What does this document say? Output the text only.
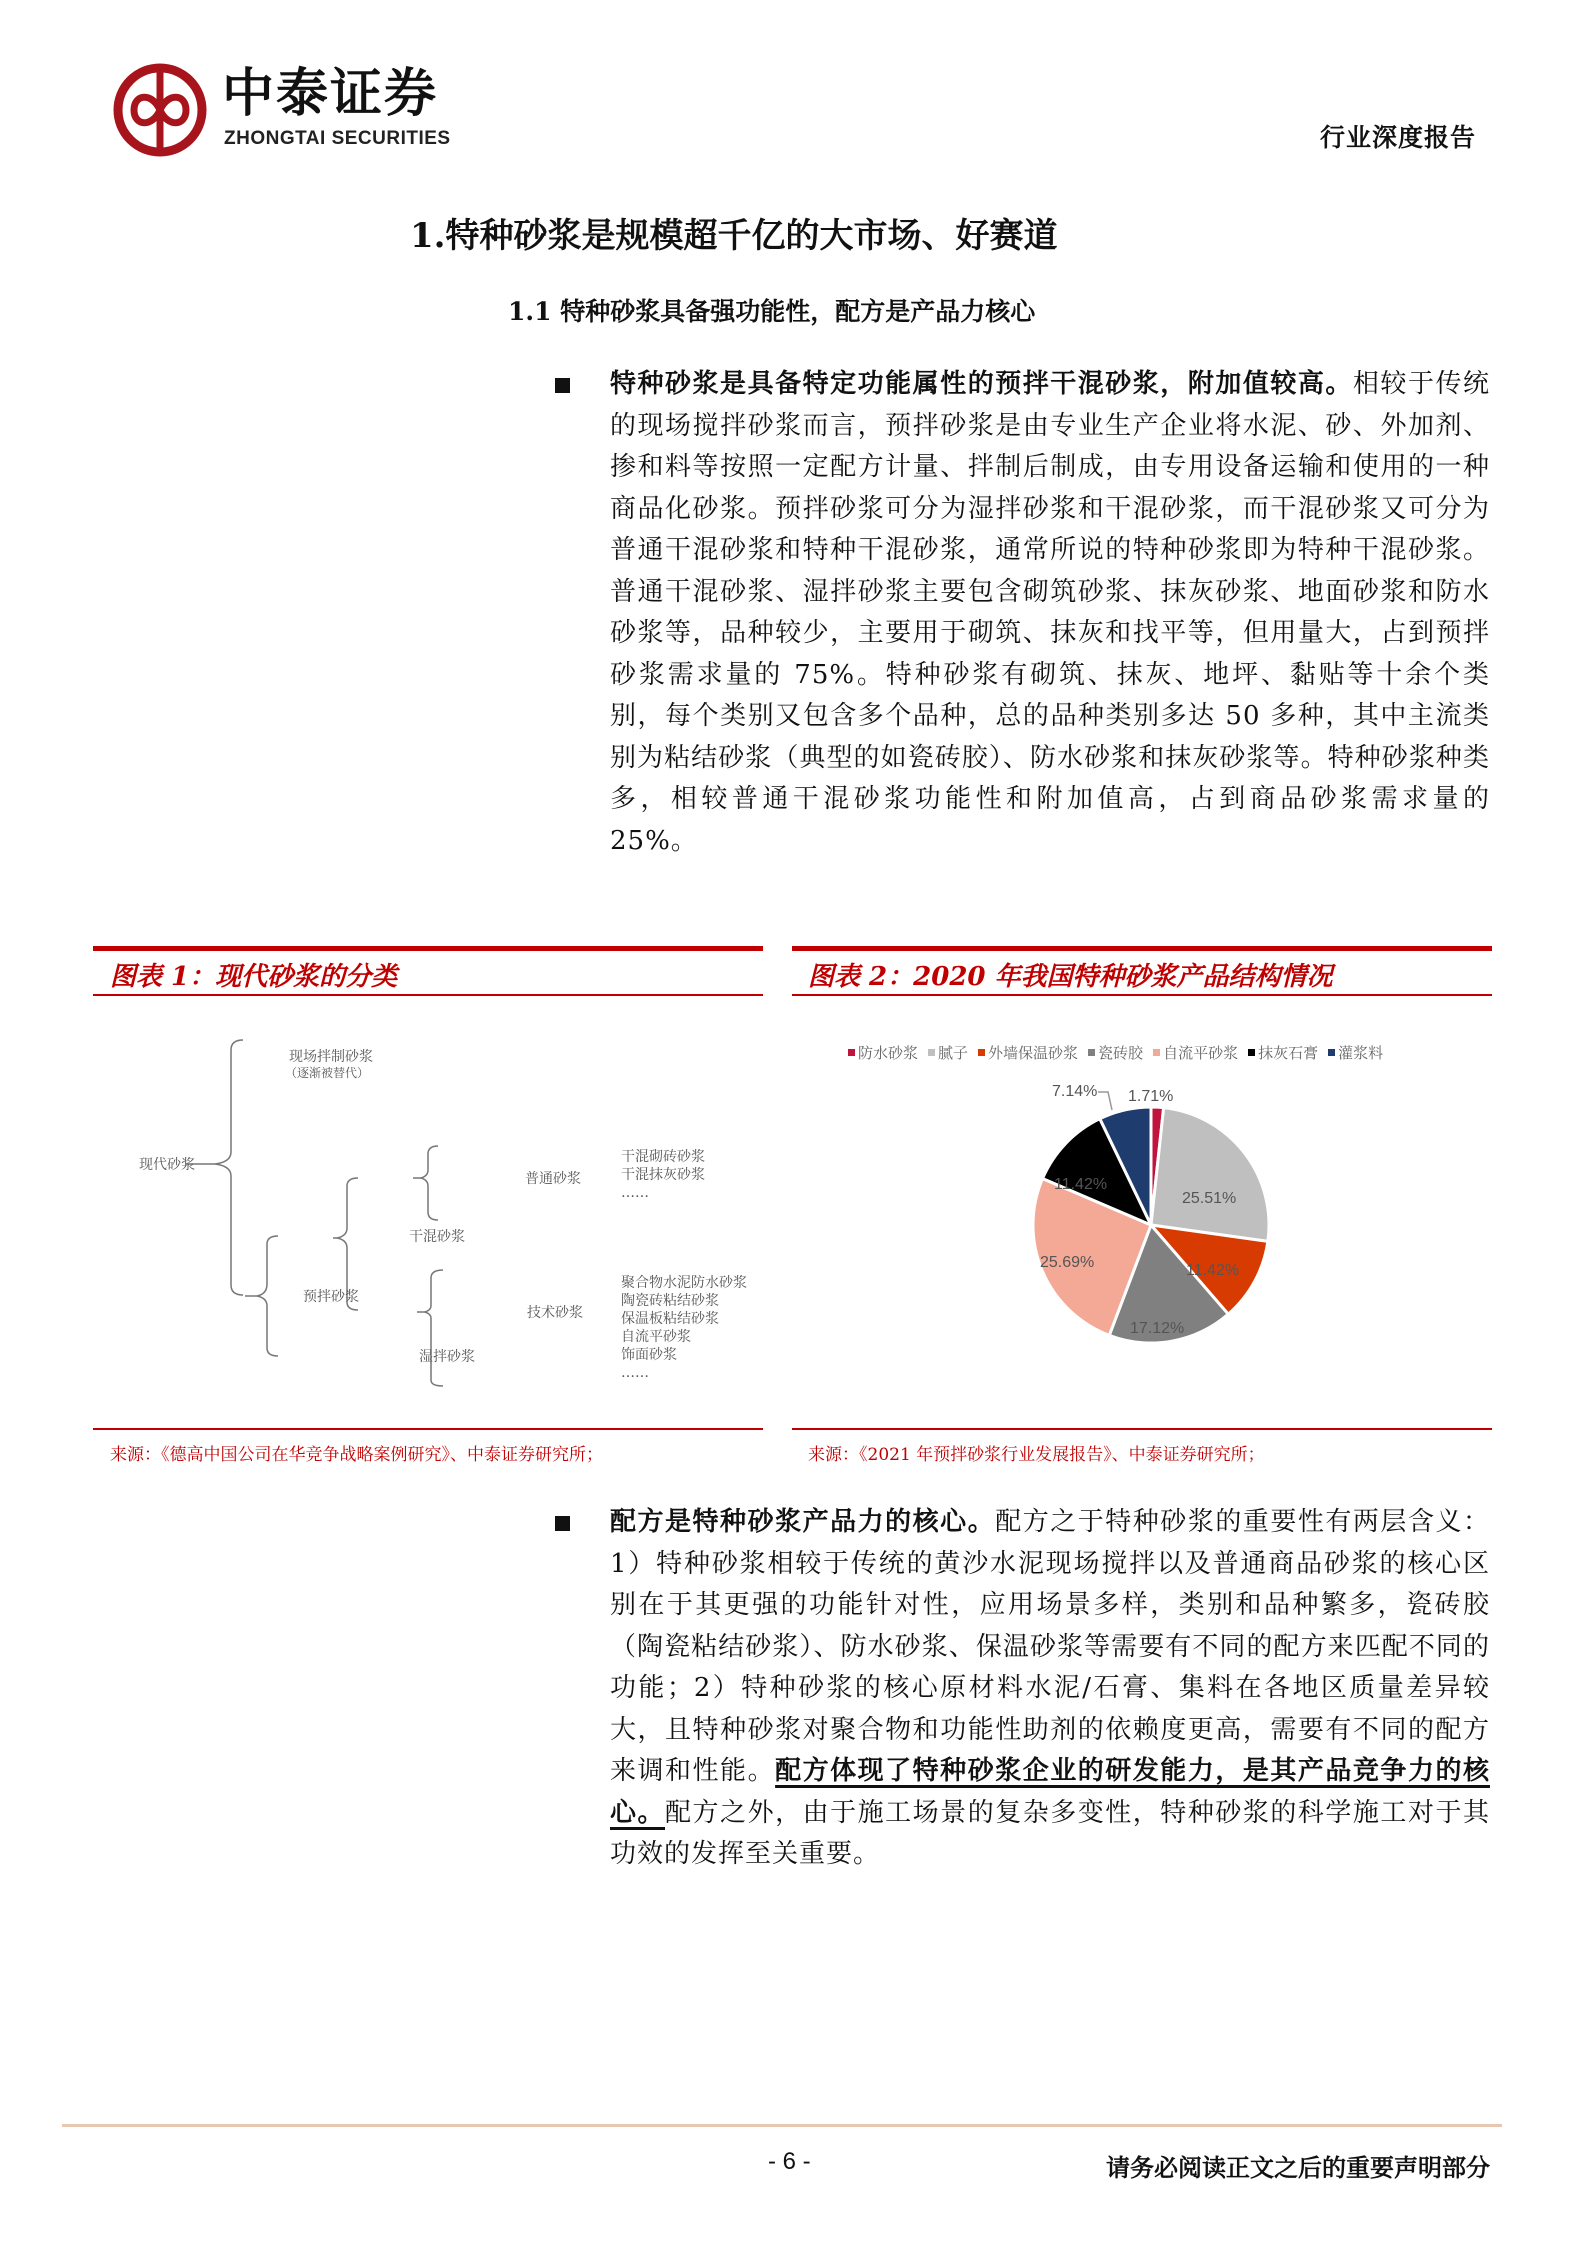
中泰证券
ZHONGTAI SECURITIES	行业深度报告
1.特种砂浆是规模超千亿的大市场、好赛道
1.1 特种砂浆具备强功能性，配方是产品力核心
特种砂浆是具备特定功能属性的预拌干混砂浆，附加值较高。相较于传统的现场搅拌砂浆而言，预拌砂浆是由专业生产企业将水泥、砂、外加剂、掺和料等按照一定配方计量、拌制后制成，由专用设备运输和使用的一种商品化砂浆。预拌砂浆可分为湿拌砂浆和干混砂浆，而干混砂浆又可分为普通干混砂浆和特种干混砂浆，通常所说的特种砂浆即为特种干混砂浆。普通干混砂浆、湿拌砂浆主要包含砌筑砂浆、抹灰砂浆、地面砂浆和防水砂浆等，品种较少，主要用于砌筑、抹灰和找平等，但用量大，占到预拌砂浆需求量的 75%。特种砂浆有砌筑、抹灰、地坪、黏贴等十余个类别，每个类别又包含多个品种，总的品种类别多达 50 多种，其中主流类别为粘结砂浆（典型的如瓷砖胶）、防水砂浆和抹灰砂浆等。特种砂浆种类多，相较普通干混砂浆功能性和附加值高，占到商品砂浆需求量的 25%。
图表 1：现代砂浆的分类
现代砂浆
现场拌制砂浆
（逐渐被替代）
预拌砂浆
干混砂浆
湿拌砂浆
普通砂浆
技术砂浆
干混砌砖砂浆
干混抹灰砂浆
……
聚合物水泥防水砂浆
陶瓷砖粘结砂浆
保温板粘结砂浆
自流平砂浆
饰面砂浆
……
来源：《德高中国公司在华竞争战略案例研究》、中泰证券研究所；
图表 2：2020 年我国特种砂浆产品结构情况
防水砂浆 腻子 外墙保温砂浆 瓷砖胶 自流平砂浆 抹灰石膏 灌浆料
7.14% 1.71%
25.51%
11.42%
17.12%
25.69%
11.42%
来源：《2021 年预拌砂浆行业发展报告》、中泰证券研究所；
配方是特种砂浆产品力的核心。配方之于特种砂浆的重要性有两层含义：1）特种砂浆相较于传统的黄沙水泥现场搅拌以及普通商品砂浆的核心区别在于其更强的功能针对性，应用场景多样，类别和品种繁多，瓷砖胶（陶瓷粘结砂浆）、防水砂浆、保温砂浆等需要有不同的配方来匹配不同的功能；2）特种砂浆的核心原材料水泥/石膏、集料在各地区质量差异较大，且特种砂浆对聚合物和功能性助剂的依赖度更高，需要有不同的配方来调和性能。配方体现了特种砂浆企业的研发能力，是其产品竞争力的核心。配方之外，由于施工场景的复杂多变性，特种砂浆的科学施工对于其功效的发挥至关重要。
- 6 -	请务必阅读正文之后的重要声明部分
